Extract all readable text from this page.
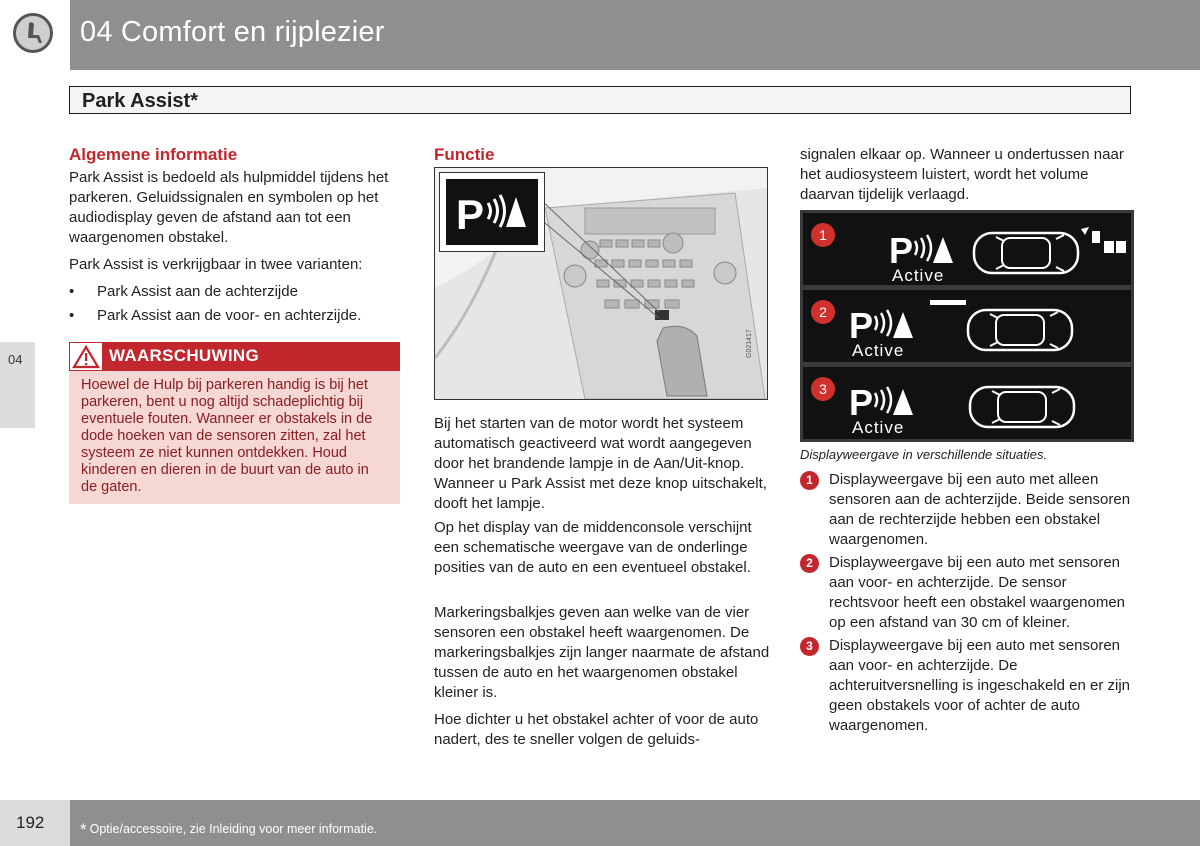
04 Comfort en rijplezier
Park Assist*
04
Algemene informatie
Park Assist is bedoeld als hulpmiddel tijdens het parkeren. Geluidssignalen en symbolen op het audiodisplay geven de afstand aan tot een waargenomen obstakel.
Park Assist is verkrijgbaar in twee varianten:
•	Park Assist aan de achterzijde
•	Park Assist aan de voor- en achterzijde.
WAARSCHUWING
Hoewel de Hulp bij parkeren handig is bij het parkeren, bent u nog altijd schadeplichtig bij eventuele fouten. Wanneer er obstakels in de dode hoeken van de sensoren zitten, zal het systeem ze niet kunnen ontdekken. Houd kinderen en dieren in de buurt van de auto in de gaten.
Functie
P
G021417
Bij het starten van de motor wordt het systeem automatisch geactiveerd wat wordt aangegeven door het brandende lampje in de Aan/Uit-knop. Wanneer u Park Assist met deze knop uitschakelt, dooft het lampje.
Op het display van de middenconsole verschijnt een schematische weergave van de onderlinge posities van de auto en een eventueel obstakel.
Markeringsbalkjes geven aan welke van de vier sensoren een obstakel heeft waargenomen. De markeringsbalkjes zijn langer naarmate de afstand tussen de auto en het waargenomen obstakel kleiner is.
Hoe dichter u het obstakel achter of voor de auto nadert, des te sneller volgen de geluids-
signalen elkaar op. Wanneer u ondertussen naar het audiosysteem luistert, wordt het volume daarvan tijdelijk verlaagd.
1 P
Active
2 P
Active
3 P
Active
Displayweergave in verschillende situaties.
1	Displayweergave bij een auto met alleen sensoren aan de achterzijde. Beide sensoren aan de rechterzijde hebben een obstakel waargenomen.
2	Displayweergave bij een auto met sensoren aan voor- en achterzijde. De sensor rechtsvoor heeft een obstakel waargenomen op een afstand van 30 cm of kleiner.
3	Displayweergave bij een auto met sensoren aan voor- en achterzijde. De achteruitversnelling is ingeschakeld en er zijn geen obstakels voor of achter de auto waargenomen.
192 * Optie/accessoire, zie Inleiding voor meer informatie.
